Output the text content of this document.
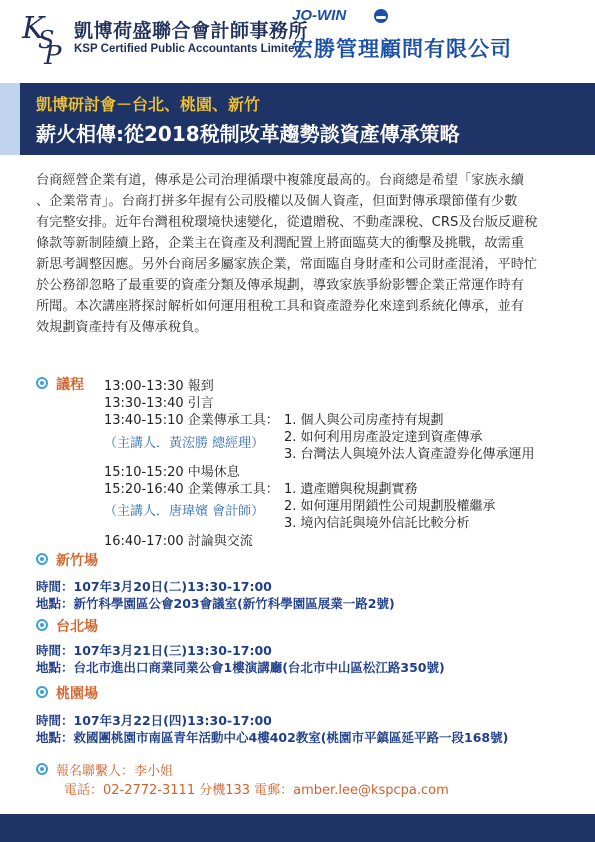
K
S
P
凱博荷盛聯合會計師事務所
KSP Certified Public Accountants Limited
JO-WIN
宏勝管理顧問有限公司
凱博研討會－台北、桃園、新竹
薪火相傳:從2018稅制改革趨勢談資產傳承策略
台商經營企業有道，傳承是公司治理循環中複雜度最高的。台商總是希望「家族永續
、企業常青」。台商打拼多年握有公司股權以及個人資產，但面對傳承環節僅有少數
有完整安排。近年台灣租稅環境快速變化，從遺贈稅、不動產課稅、CRS及台版反避稅
條款等新制陸續上路，企業主在資產及利潤配置上將面臨莫大的衝擊及挑戰，故需重
新思考調整因應。另外台商居多屬家族企業，常面臨自身財產和公司財產混淆，平時忙
於公務卻忽略了最重要的資產分類及傳承規劃，導致家族爭紛影響企業正常運作時有
所聞。本次講座將探討解析如何運用租稅工具和資產證券化來達到系統化傳承，並有
效規劃資產持有及傳承稅負。
議程 13:00-13:30 報到
13:30-13:40 引言
13:40-15:10 企業傳承工具： 1. 個人與公司房產持有規劃
2. 如何利用房產設定達到資產傳承
3. 台灣法人與境外法人資產證券化傳承運用
（主講人．黃浤勝 總經理）
15:10-15:20 中場休息
15:20-16:40 企業傳承工具： 1. 遺產贈與稅規劃實務
2. 如何運用閉鎖性公司規劃股權繼承
3. 境內信託與境外信託比較分析
（主講人．唐瑋嬪 會計師）
16:40-17:00 討論與交流
新竹場
時間：107年3月20日(二)13:30-17:00
地點：新竹科學園區公會203會議室(新竹科學園區展業一路2號)
台北場
時間：107年3月21日(三)13:30-17:00
地點：台北市進出口商業同業公會1樓演講廳(台北市中山區松江路350號)
桃園場
時間：107年3月22日(四)13:30-17:00
地點：救國團桃園市南區青年活動中心4樓402教室(桃園市平鎮區延平路一段168號)
報名聯繫人：李小姐
電話：02-2772-3111 分機133 電郵：amber.lee@kspcpa.com
